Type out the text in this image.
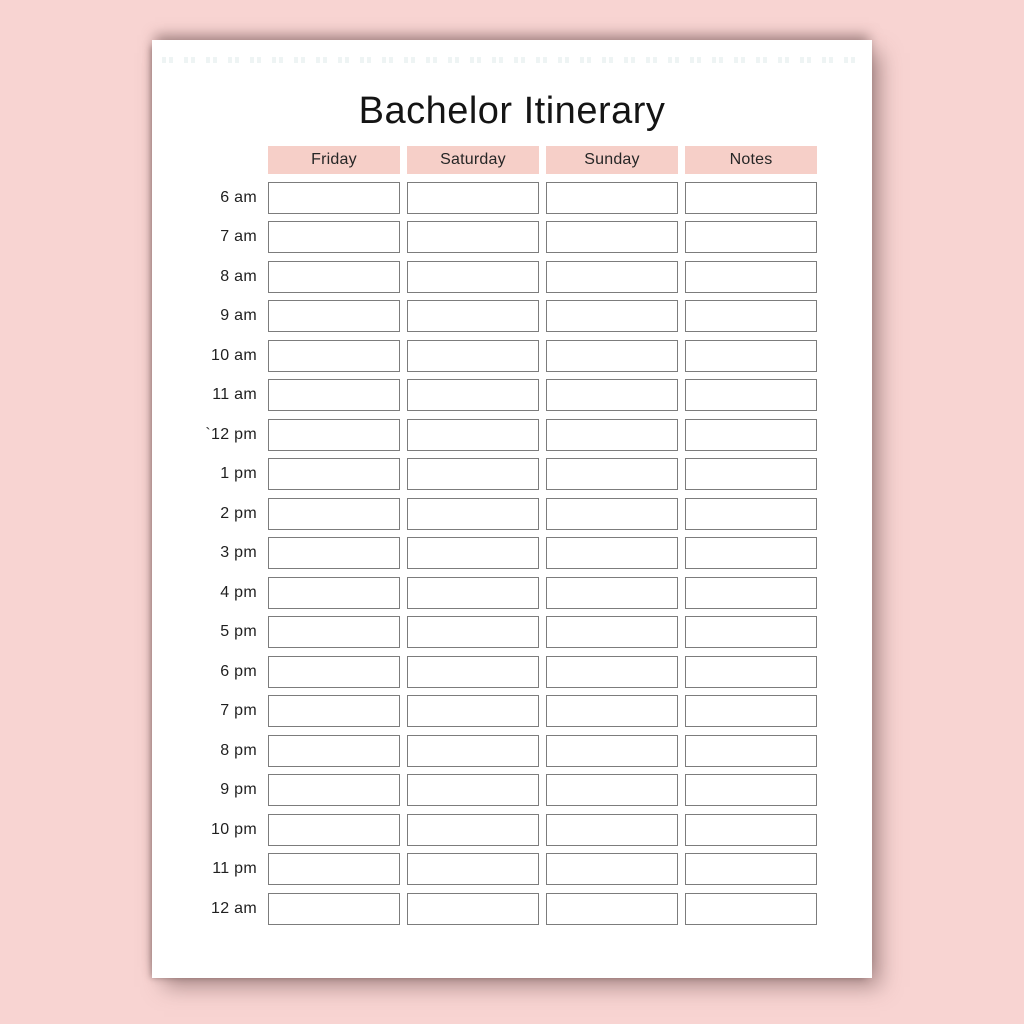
Bachelor Itinerary
Friday	Saturday	Sunday	Notes
6 am
7 am
8 am
9 am
10 am
11 am
`12 pm
1 pm
2 pm
3 pm
4 pm
5 pm
6 pm
7 pm
8 pm
9 pm
10 pm
11 pm
12 am
